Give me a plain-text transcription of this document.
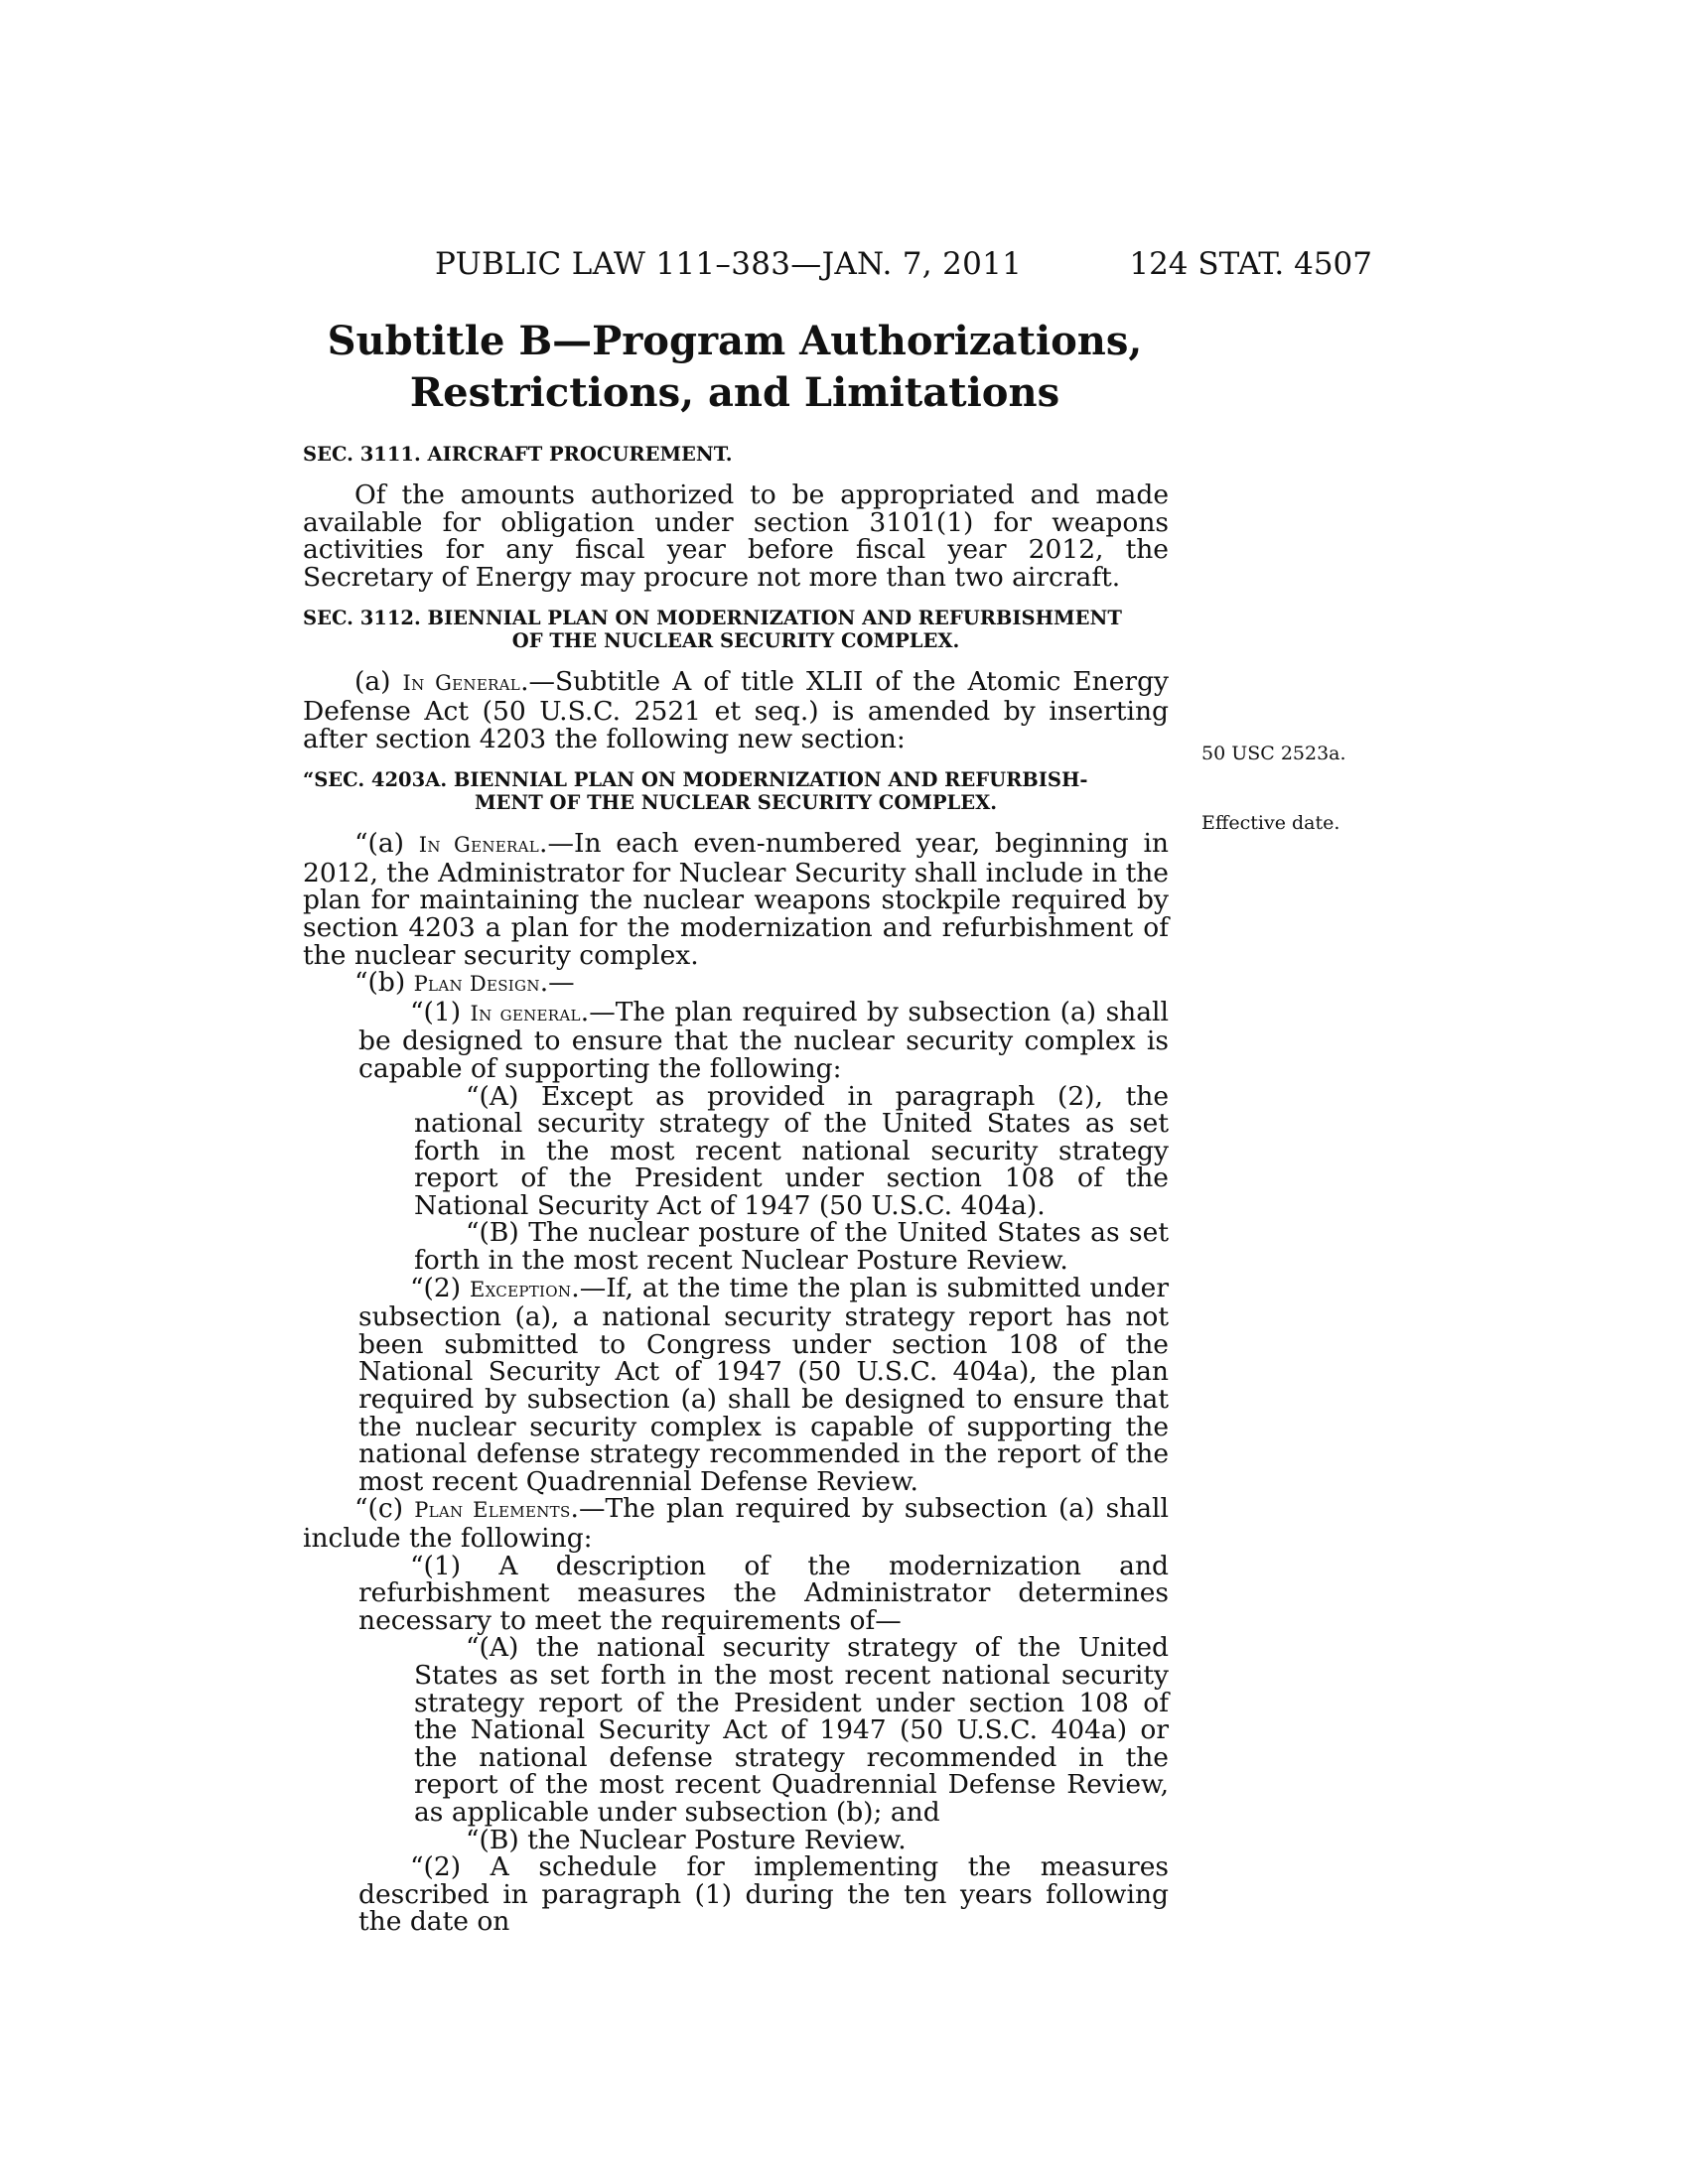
PUBLIC LAW 111–383—JAN. 7, 2011	124 STAT. 4507
Subtitle B—Program Authorizations,
Restrictions, and Limitations
SEC. 3111. AIRCRAFT PROCUREMENT.

Of the amounts authorized to be appropriated and made available for obligation under section 3101(1) for weapons activities for any fiscal year before fiscal year 2012, the Secretary of Energy may procure not more than two aircraft.

SEC. 3112. BIENNIAL PLAN ON MODERNIZATION AND REFURBISHMENT
OF THE NUCLEAR SECURITY COMPLEX.

(a) In General.—Subtitle A of title XLII of the Atomic Energy Defense Act (50 U.S.C. 2521 et seq.) is amended by inserting after section 4203 the following new section:

“SEC. 4203A. BIENNIAL PLAN ON MODERNIZATION AND REFURBISH-
MENT OF THE NUCLEAR SECURITY COMPLEX.

“(a) In General.—In each even-numbered year, beginning in 2012, the Administrator for Nuclear Security shall include in the plan for maintaining the nuclear weapons stockpile required by section 4203 a plan for the modernization and refurbishment of the nuclear security complex.

“(b) Plan Design.—

“(1) In general.—The plan required by subsection (a) shall be designed to ensure that the nuclear security complex is capable of supporting the following:

“(A) Except as provided in paragraph (2), the national security strategy of the United States as set forth in the most recent national security strategy report of the President under section 108 of the National Security Act of 1947 (50 U.S.C. 404a).

“(B) The nuclear posture of the United States as set forth in the most recent Nuclear Posture Review.

“(2) Exception.—If, at the time the plan is submitted under subsection (a), a national security strategy report has not been submitted to Congress under section 108 of the National Security Act of 1947 (50 U.S.C. 404a), the plan required by subsection (a) shall be designed to ensure that the nuclear security complex is capable of supporting the national defense strategy recommended in the report of the most recent Quadrennial Defense Review.

“(c) Plan Elements.—The plan required by subsection (a) shall include the following:

“(1) A description of the modernization and refurbishment measures the Administrator determines necessary to meet the requirements of—

“(A) the national security strategy of the United States as set forth in the most recent national security strategy report of the President under section 108 of the National Security Act of 1947 (50 U.S.C. 404a) or the national defense strategy recommended in the report of the most recent Quadrennial Defense Review, as applicable under subsection (b); and

“(B) the Nuclear Posture Review.

“(2) A schedule for implementing the measures described in paragraph (1) during the ten years following the date on

50 USC 2523a.
Effective date.
